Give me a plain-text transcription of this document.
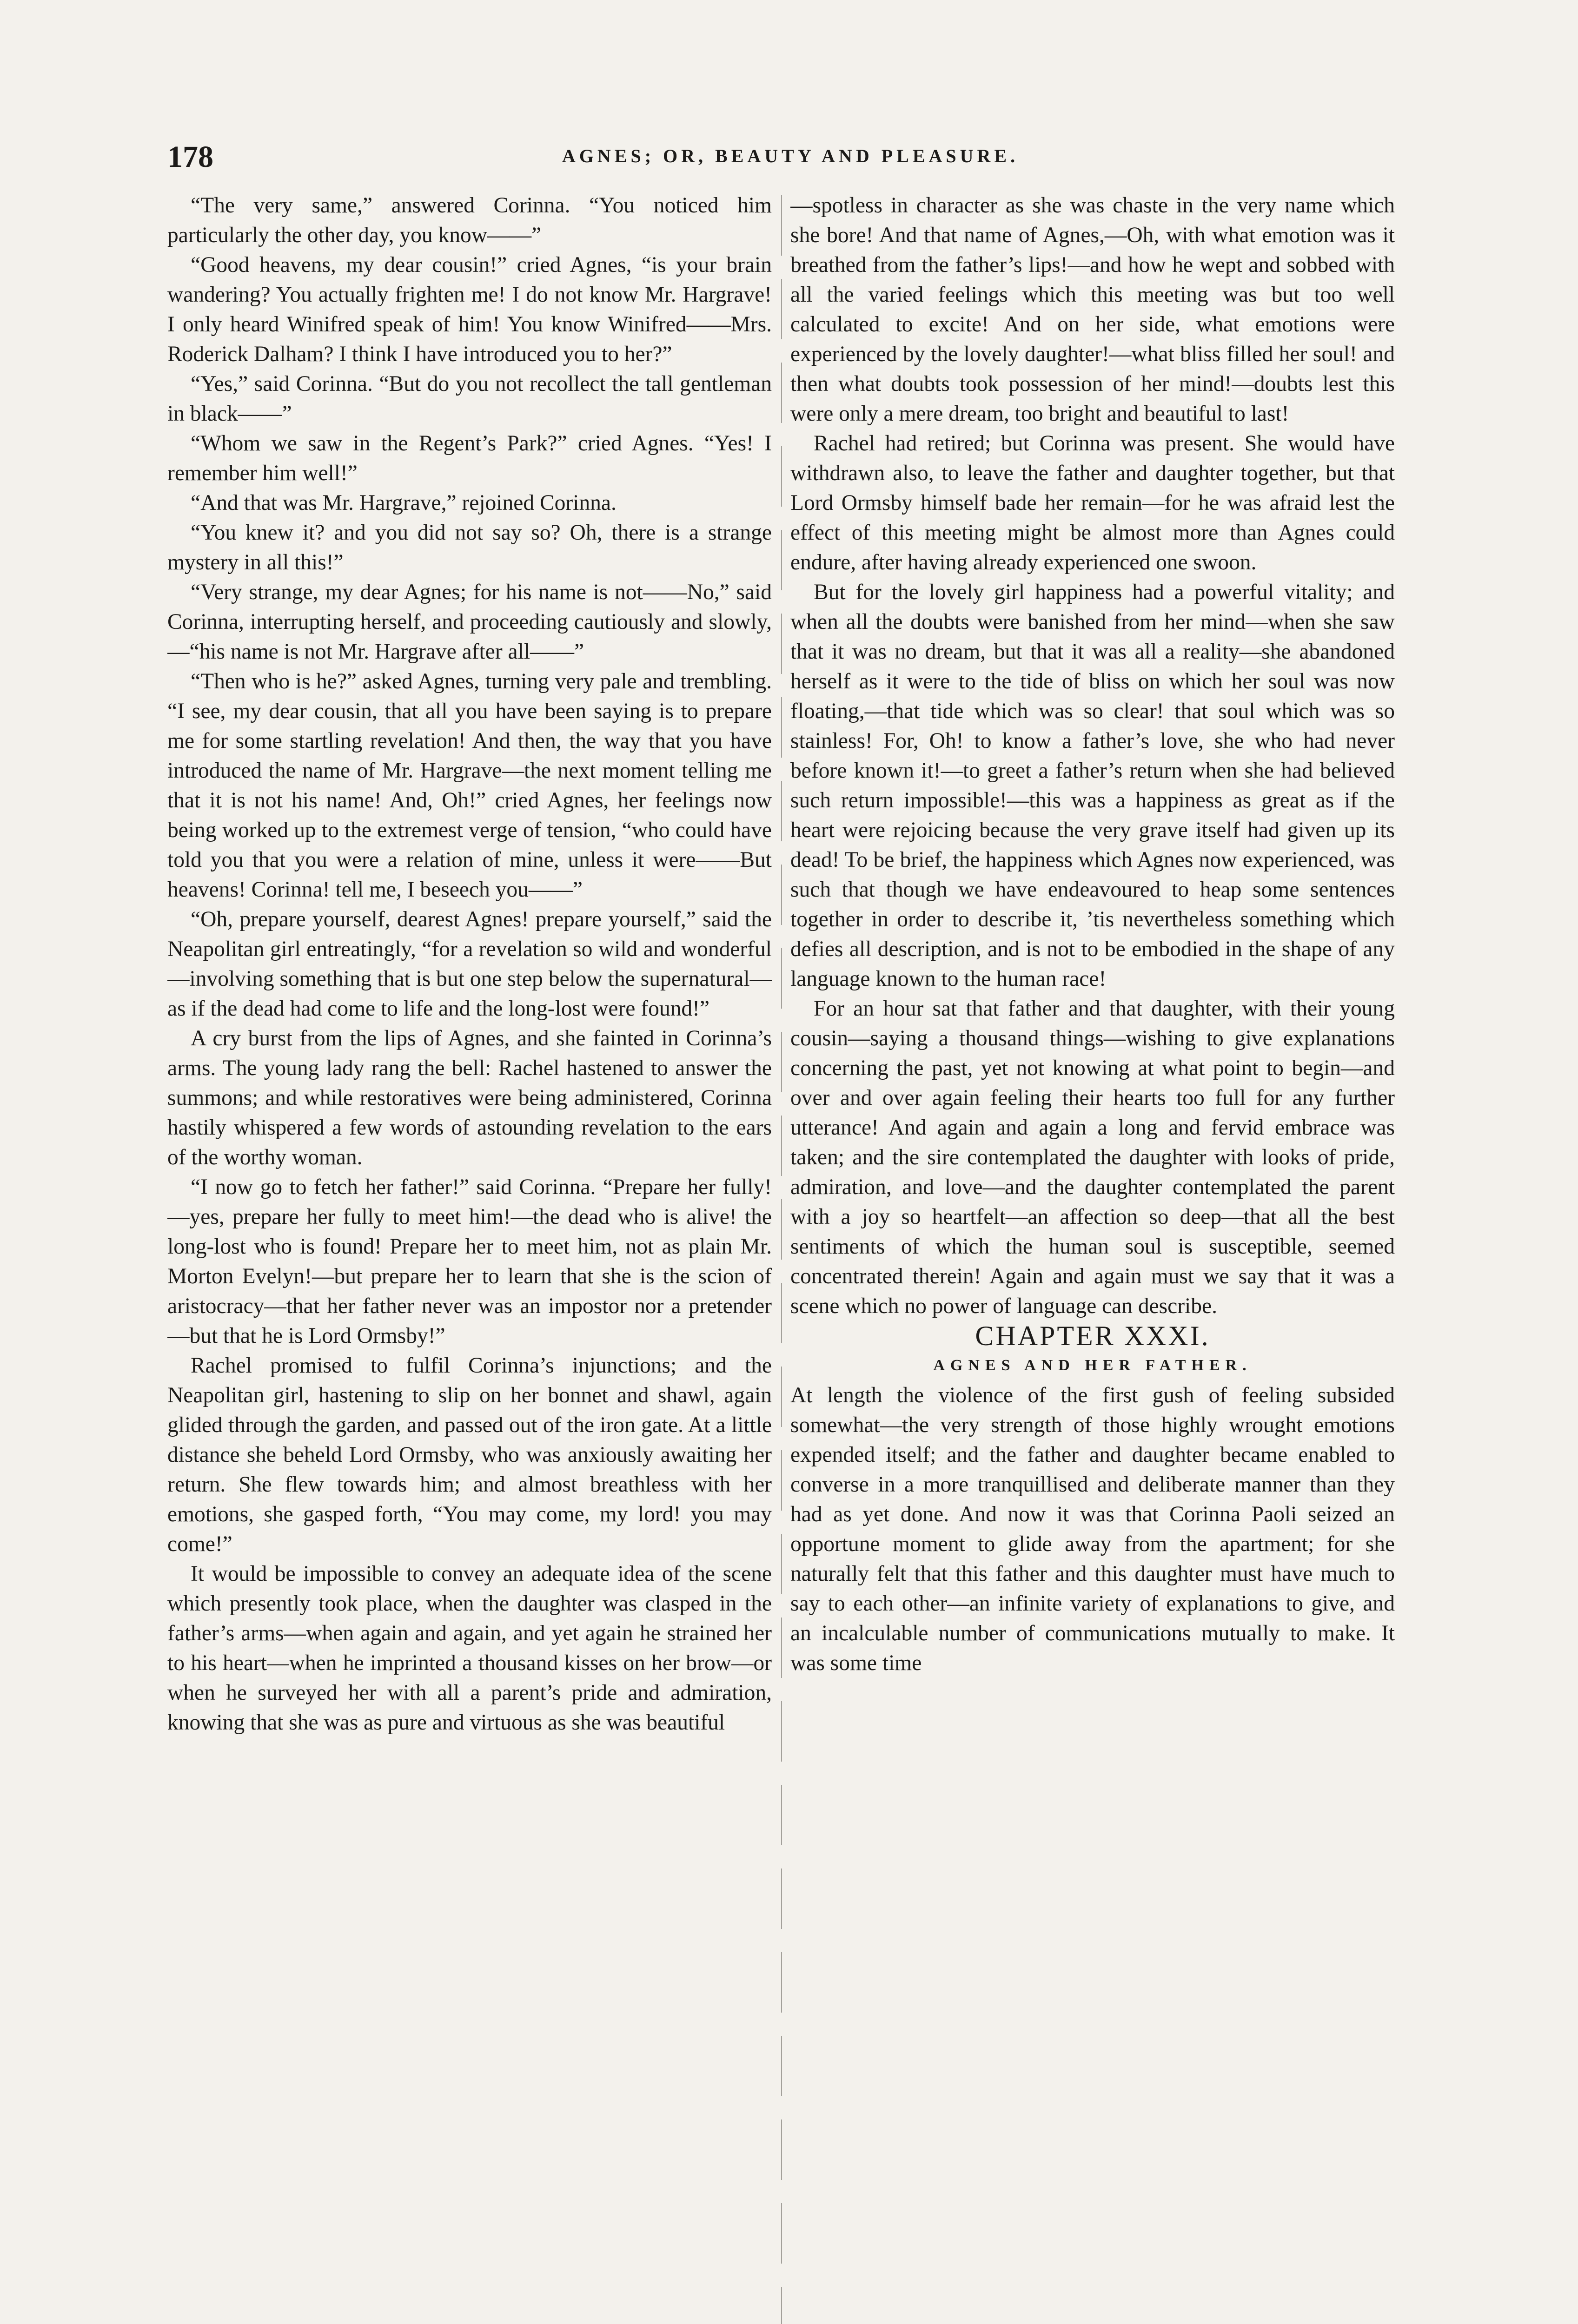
178	AGNES; OR, BEAUTY AND PLEASURE.

“The very same,” answered Corinna. “You noticed him particularly the other day, you know——”

“Good heavens, my dear cousin!” cried Agnes, “is your brain wandering? You actually frighten me! I do not know Mr. Hargrave! I only heard Winifred speak of him! You know Winifred——Mrs. Roderick Dalham? I think I have introduced you to her?”

“Yes,” said Corinna. “But do you not recollect the tall gentleman in black——”

“Whom we saw in the Regent’s Park?” cried Agnes. “Yes! I remember him well!”

“And that was Mr. Hargrave,” rejoined Corinna.

“You knew it? and you did not say so? Oh, there is a strange mystery in all this!”

“Very strange, my dear Agnes; for his name is not——No,” said Corinna, interrupting herself, and proceeding cautiously and slowly,—“his name is not Mr. Hargrave after all——”

“Then who is he?” asked Agnes, turning very pale and trembling. “I see, my dear cousin, that all you have been saying is to prepare me for some startling revelation! And then, the way that you have introduced the name of Mr. Hargrave—the next moment telling me that it is not his name! And, Oh!” cried Agnes, her feelings now being worked up to the extremest verge of tension, “who could have told you that you were a relation of mine, unless it were——But heavens! Corinna! tell me, I beseech you——”

“Oh, prepare yourself, dearest Agnes! prepare yourself,” said the Neapolitan girl entreatingly, “for a revelation so wild and wonderful—involving something that is but one step below the supernatural—as if the dead had come to life and the long-lost were found!”

A cry burst from the lips of Agnes, and she fainted in Corinna’s arms. The young lady rang the bell: Rachel hastened to answer the summons; and while restoratives were being administered, Corinna hastily whispered a few words of astounding revelation to the ears of the worthy woman.

“I now go to fetch her father!” said Corinna. “Prepare her fully!—yes, prepare her fully to meet him!—the dead who is alive! the long-lost who is found! Prepare her to meet him, not as plain Mr. Morton Evelyn!—but prepare her to learn that she is the scion of aristocracy—that her father never was an impostor nor a pretender—but that he is Lord Ormsby!”

Rachel promised to fulfil Corinna’s injunctions; and the Neapolitan girl, hastening to slip on her bonnet and shawl, again glided through the garden, and passed out of the iron gate. At a little distance she beheld Lord Ormsby, who was anxiously awaiting her return. She flew towards him; and almost breathless with her emotions, she gasped forth, “You may come, my lord! you may come!”

It would be impossible to convey an adequate idea of the scene which presently took place, when the daughter was clasped in the father’s arms—when again and again, and yet again he strained her to his heart—when he imprinted a thousand kisses on her brow—or when he surveyed her with all a parent’s pride and admiration, knowing that she was as pure and virtuous as she was beautiful

—spotless in character as she was chaste in the very name which she bore! And that name of Agnes,—Oh, with what emotion was it breathed from the father’s lips!—and how he wept and sobbed with all the varied feelings which this meeting was but too well calculated to excite! And on her side, what emotions were experienced by the lovely daughter!—what bliss filled her soul! and then what doubts took possession of her mind!—doubts lest this were only a mere dream, too bright and beautiful to last!

Rachel had retired; but Corinna was present. She would have withdrawn also, to leave the father and daughter together, but that Lord Ormsby himself bade her remain—for he was afraid lest the effect of this meeting might be almost more than Agnes could endure, after having already experienced one swoon.

But for the lovely girl happiness had a powerful vitality; and when all the doubts were banished from her mind—when she saw that it was no dream, but that it was all a reality—she abandoned herself as it were to the tide of bliss on which her soul was now floating,—that tide which was so clear! that soul which was so stainless! For, Oh! to know a father’s love, she who had never before known it!—to greet a father’s return when she had believed such return impossible!—this was a happiness as great as if the heart were rejoicing because the very grave itself had given up its dead! To be brief, the happiness which Agnes now experienced, was such that though we have endeavoured to heap some sentences together in order to describe it, ’tis nevertheless something which defies all description, and is not to be embodied in the shape of any language known to the human race!

For an hour sat that father and that daughter, with their young cousin—saying a thousand things—wishing to give explanations concerning the past, yet not knowing at what point to begin—and over and over again feeling their hearts too full for any further utterance! And again and again a long and fervid embrace was taken; and the sire contemplated the daughter with looks of pride, admiration, and love—and the daughter contemplated the parent with a joy so heartfelt—an affection so deep—that all the best sentiments of which the human soul is susceptible, seemed concentrated therein! Again and again must we say that it was a scene which no power of language can describe.

CHAPTER XXXI.

AGNES AND HER FATHER.

At length the violence of the first gush of feeling subsided somewhat—the very strength of those highly wrought emotions expended itself; and the father and daughter became enabled to converse in a more tranquillised and deliberate manner than they had as yet done. And now it was that Corinna Paoli seized an opportune moment to glide away from the apartment; for she naturally felt that this father and this daughter must have much to say to each other—an infinite variety of explanations to give, and an incalculable number of communications mutually to make. It was some time
